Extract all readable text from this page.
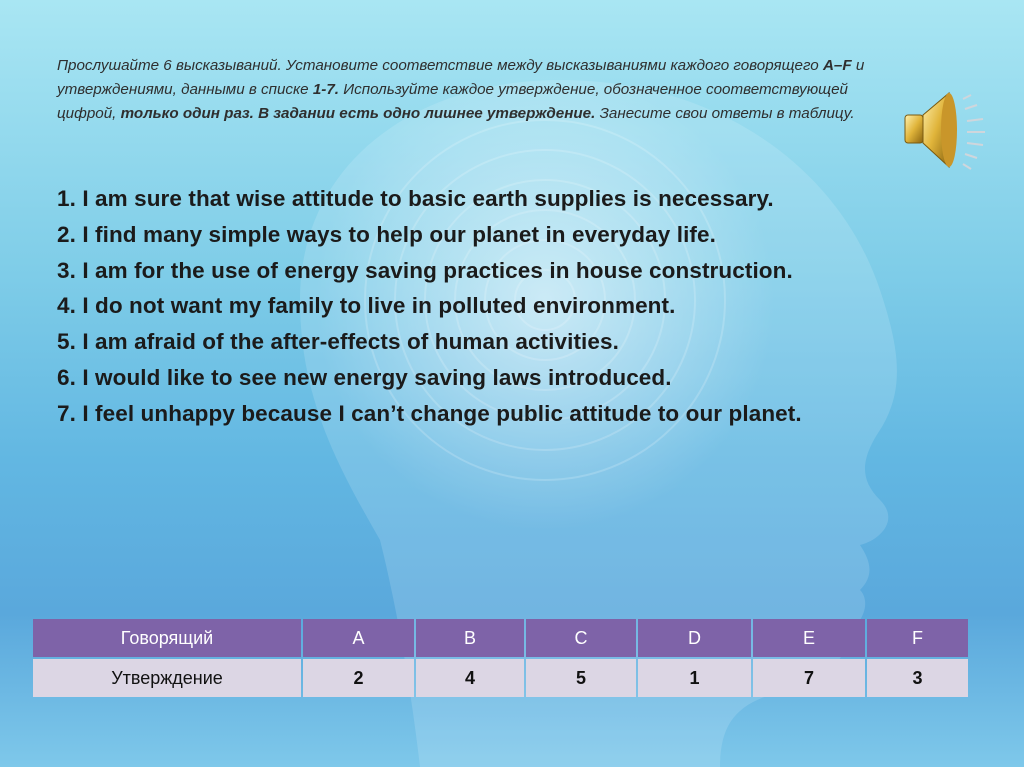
Прослушайте 6 высказываний. Установите соответствие между высказываниями каждого говорящего A–F и утверждениями, данными в списке 1-7. Используйте каждое утверждение, обозначенное соответствующей цифрой, только один раз. В задании есть одно лишнее утверждение. Занесите свои ответы в таблицу.
1. I am sure that wise attitude to basic earth supplies is necessary.
2. I find many simple ways to help our planet in everyday life.
3. I am for the use of energy saving practices in house construction.
4. I do not want my family to live in polluted environment.
5. I am afraid of the after-effects of human activities.
6. I would like to see new energy saving laws introduced.
7. I feel unhappy because I can’t change public attitude to our planet.
Говорящий	A	B	C	D	E	F
Утверждение	2	4	5	1	7	3
